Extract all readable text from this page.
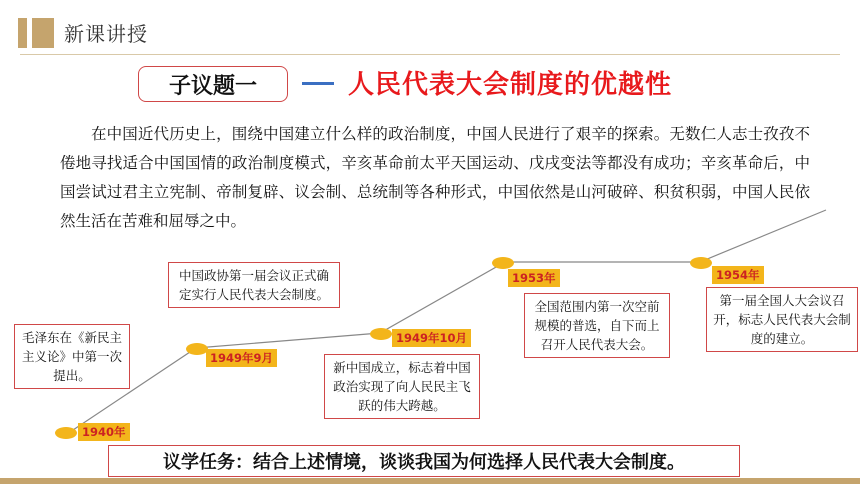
新课讲授
子议题一	人民代表大会制度的优越性
在中国近代历史上，围绕中国建立什么样的政治制度，中国人民进行了艰辛的探索。无数仁人志士孜孜不倦地寻找适合中国国情的政治制度模式，辛亥革命前太平天国运动、戊戌变法等都没有成功；辛亥革命后，中国尝试过君主立宪制、帝制复辟、议会制、总统制等各种形式，中国依然是山河破碎、积贫积弱，中国人民依然生活在苦难和屈辱之中。
1940年
1949年9月
1949年10月
1953年	1954年
毛泽东在《新民主主义论》中第一次提出。
中国政协第一届会议正式确定实行人民代表大会制度。
新中国成立，标志着中国政治实现了向人民民主飞跃的伟大跨越。
全国范围内第一次空前规模的普选，自下而上召开人民代表大会。
第一届全国人大会议召开，标志人民代表大会制度的建立。
议学任务：结合上述情境，谈谈我国为何选择人民代表大会制度。
